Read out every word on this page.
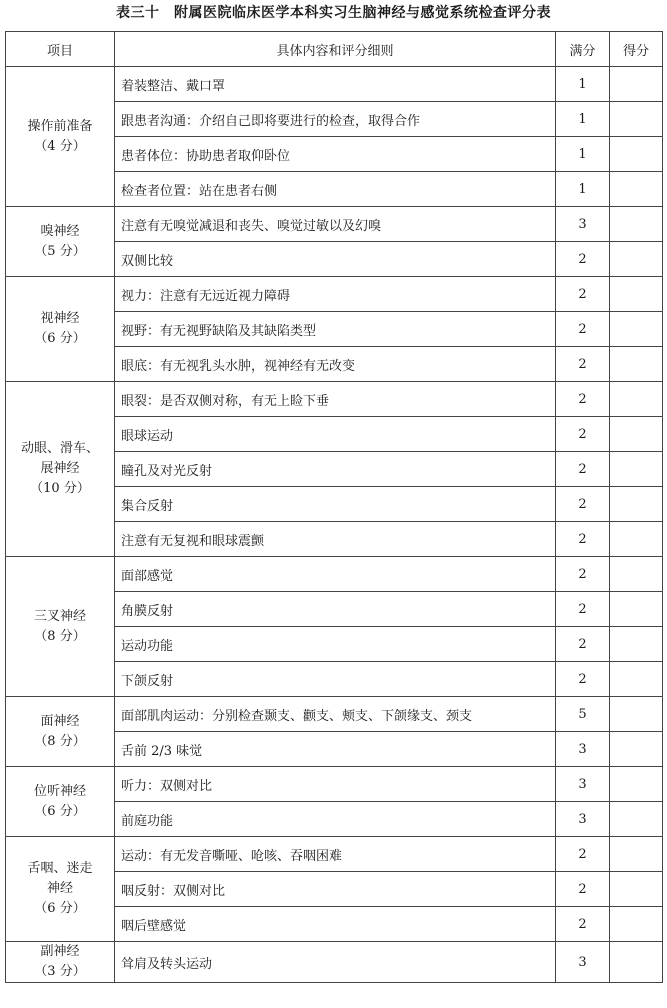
表三十　附属医院临床医学本科实习生脑神经与感觉系统检查评分表
项目	具体内容和评分细则	满分	得分

操作前准备
（4 分）	着装整洁、戴口罩	1	
	跟患者沟通：介绍自己即将要进行的检查，取得合作	1	
	患者体位：协助患者取仰卧位	1	
	检查者位置：站在患者右侧	1	

嗅神经
（5 分）	注意有无嗅觉减退和丧失、嗅觉过敏以及幻嗅	3	
	双侧比较	2	

视神经
（6 分）	视力：注意有无远近视力障碍	2	
	视野：有无视野缺陷及其缺陷类型	2	
	眼底：有无视乳头水肿，视神经有无改变	2	

动眼、滑车、
展神经
（10 分）	眼裂：是否双侧对称，有无上睑下垂	2	
	眼球运动	2	
	瞳孔及对光反射	2	
	集合反射	2	
	注意有无复视和眼球震颤	2	

三叉神经
（8 分）	面部感觉	2	
	角膜反射	2	
	运动功能	2	
	下颌反射	2	

面神经
（8 分）	面部肌肉运动：分别检查颞支、颧支、颊支、下颌缘支、颈支	5	
	舌前 2/3 味觉	3	

位听神经
（6 分）	听力：双侧对比	3	
	前庭功能	3	

舌咽、迷走
神经
（6 分）	运动：有无发音嘶哑、呛咳、吞咽困难	2	
	咽反射：双侧对比	2	
	咽后壁感觉	2	

副神经
（3 分）	耸肩及转头运动	3	
